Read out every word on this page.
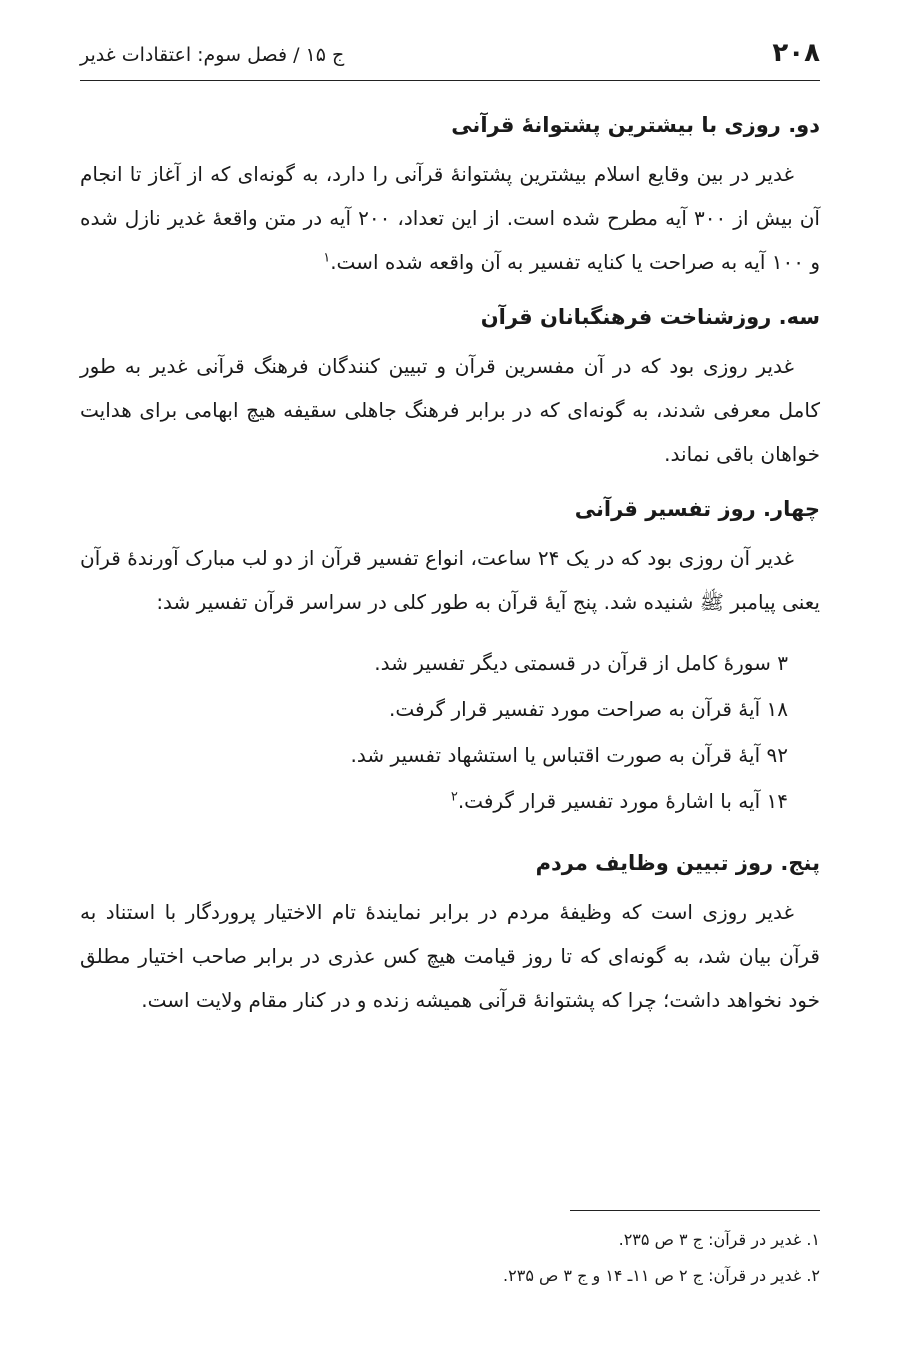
۲۰۸
ج ۱۵ / فصل سوم: اعتقادات غدیر
دو. روزی با بیشترین پشتوانهٔ قرآنی

غدیر در بین وقایع اسلام بیشترین پشتوانهٔ قرآنی را دارد، به گونه‌ای که از آغاز تا انجام آن بیش از ۳۰۰ آیه مطرح شده است. از این تعداد، ۲۰۰ آیه در متن واقعهٔ غدیر نازل شده و ۱۰۰ آیه به صراحت یا کنایه تفسیر به آن واقعه شده است.$^۱$

سه. روزشناخت فرهنگبانان قرآن

غدیر روزی بود که در آن مفسرین قرآن و تبیین کنندگان فرهنگ قرآنی غدیر به طور کامل معرفی شدند، به گونه‌ای که در برابر فرهنگ جاهلی سقیفه هیچ ابهامی برای هدایت خواهان باقی نماند.

چهار. روز تفسیر قرآنی

غدیر آن روزی بود که در یک ۲۴ ساعت، انواع تفسیر قرآن از دو لب مبارک آورندهٔ قرآن یعنی پیامبر ﷺ شنیده شد. پنج آیهٔ قرآن به طور کلی در سراسر قرآن تفسیر شد:

۳ سورهٔ کامل از قرآن در قسمتی دیگر تفسیر شد.
۱۸ آیهٔ قرآن به صراحت مورد تفسیر قرار گرفت.
۹۲ آیهٔ قرآن به صورت اقتباس یا استشهاد تفسیر شد.
۱۴ آیه با اشارهٔ مورد تفسیر قرار گرفت.$^۲$
پنج. روز تبیین وظایف مردم

غدیر روزی است که وظیفهٔ مردم در برابر نمایندهٔ تام الاختیار پروردگار با استناد به قرآن بیان شد، به گونه‌ای که تا روز قیامت هیچ کس عذری در برابر صاحب اختیار مطلق خود نخواهد داشت؛ چرا که پشتوانهٔ قرآنی همیشه زنده و در کنار مقام ولایت است.

۱. غدیر در قرآن: ج ۳ ص ۲۳۵.
۲. غدیر در قرآن: ج ۲ ص ۱۱ـ ۱۴ و ج ۳ ص ۲۳۵.
